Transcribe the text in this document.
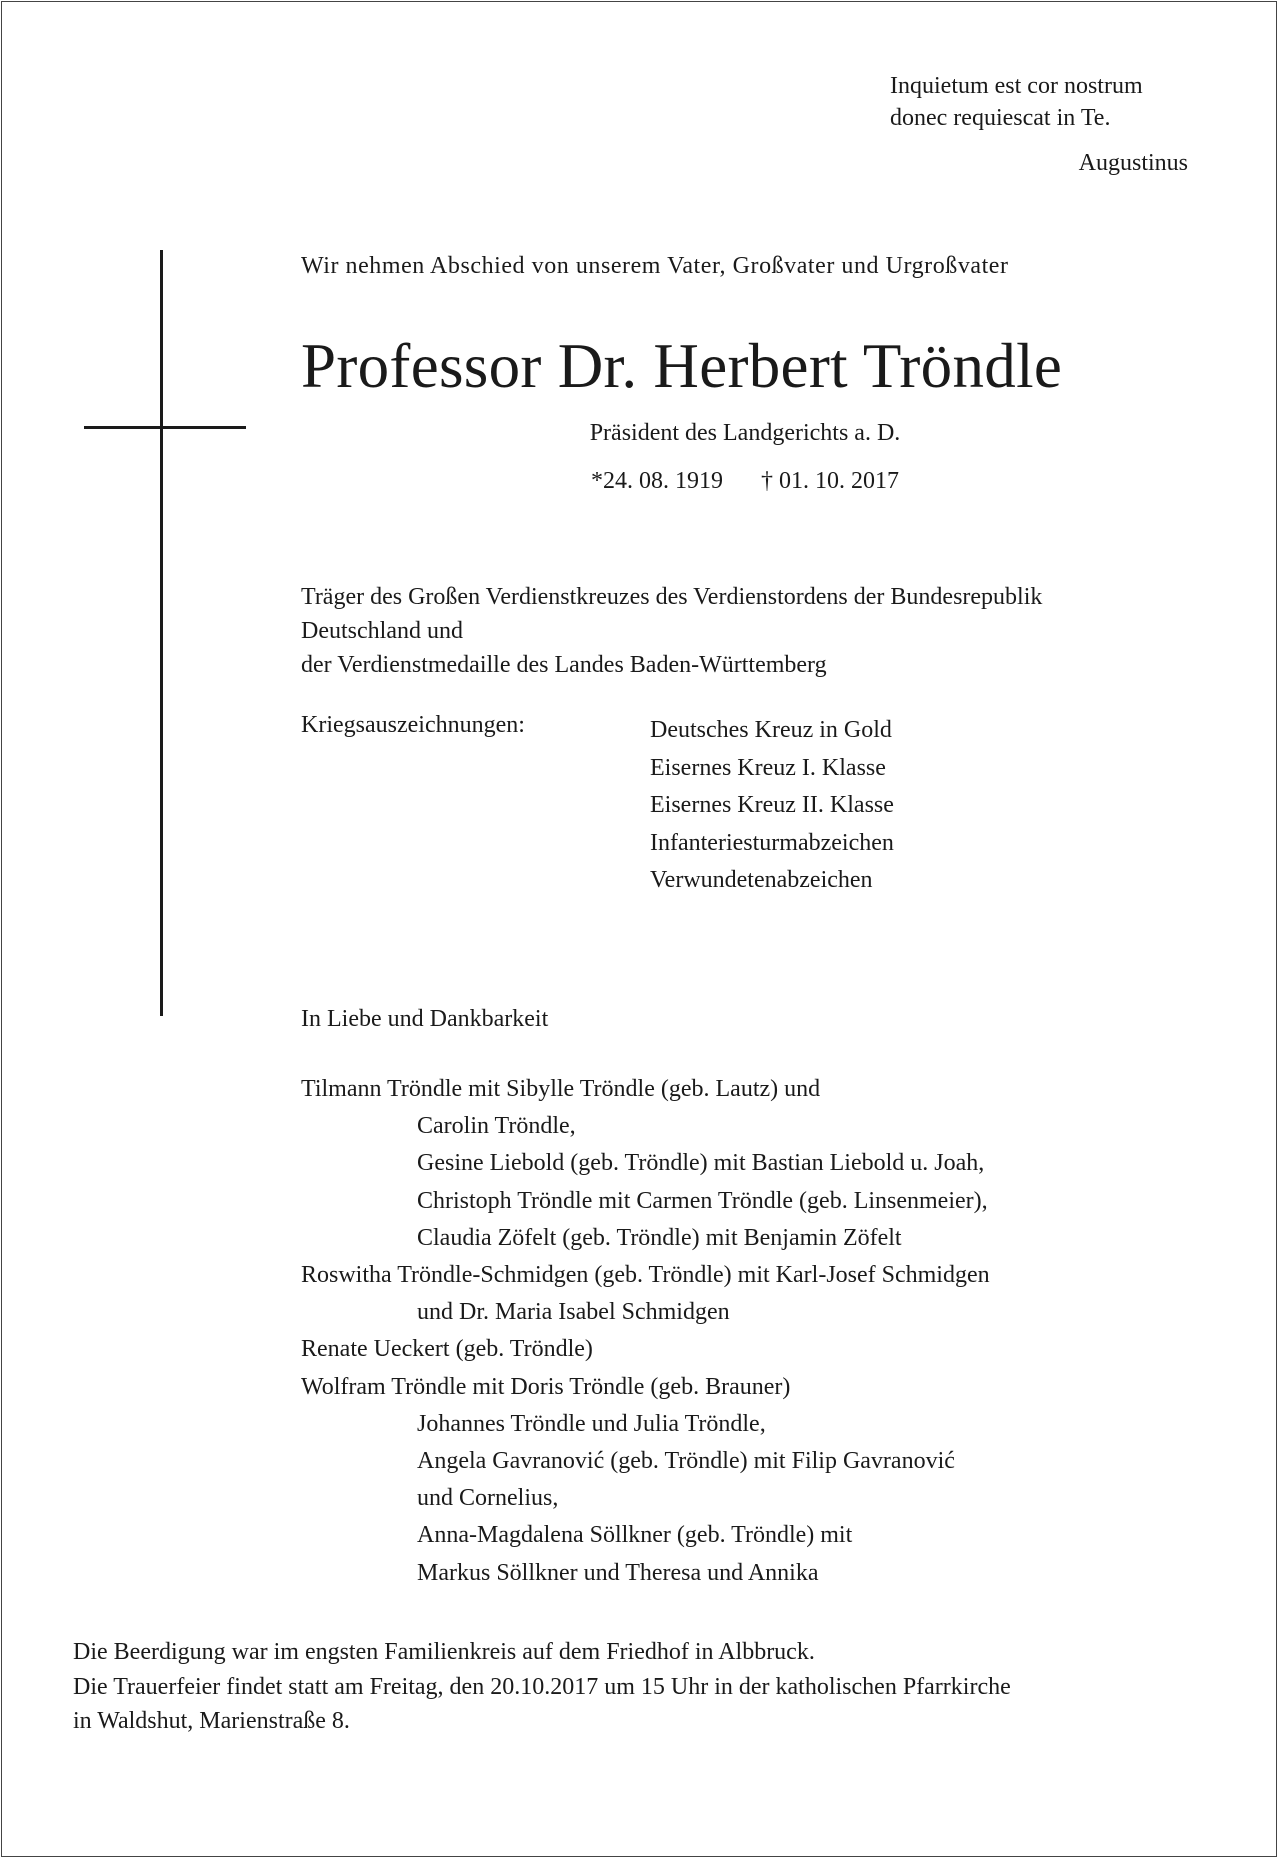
Inquietum est cor nostrum
donec requiescat in Te.
Augustinus
Wir nehmen Abschied von unserem Vater, Großvater und Urgroßvater
Professor Dr. Herbert Tröndle
Präsident des Landgerichts a. D.
*24. 08. 1919 † 01. 10. 2017
Träger des Großen Verdienstkreuzes des Verdienstordens der Bundesrepublik
Deutschland und
der Verdienstmedaille des Landes Baden-Württemberg
Kriegsauszeichnungen:	Deutsches Kreuz in Gold
Eisernes Kreuz I. Klasse
Eisernes Kreuz II. Klasse
Infanteriesturmabzeichen
Verwundetenabzeichen
In Liebe und Dankbarkeit
Tilmann Tröndle mit Sibylle Tröndle (geb. Lautz) und
Carolin Tröndle,
Gesine Liebold (geb. Tröndle) mit Bastian Liebold u. Joah,
Christoph Tröndle mit Carmen Tröndle (geb. Linsenmeier),
Claudia Zöfelt (geb. Tröndle) mit Benjamin Zöfelt
Roswitha Tröndle-Schmidgen (geb. Tröndle) mit Karl-Josef Schmidgen
und Dr. Maria Isabel Schmidgen
Renate Ueckert (geb. Tröndle)
Wolfram Tröndle mit Doris Tröndle (geb. Brauner)
Johannes Tröndle und Julia Tröndle,
Angela Gavranović (geb. Tröndle) mit Filip Gavranović
und Cornelius,
Anna-Magdalena Söllkner (geb. Tröndle) mit
Markus Söllkner und Theresa und Annika
Die Beerdigung war im engsten Familienkreis auf dem Friedhof in Albbruck.
Die Trauerfeier findet statt am Freitag, den 20.10.2017 um 15 Uhr in der katholischen Pfarrkirche
in Waldshut, Marienstraße 8.
